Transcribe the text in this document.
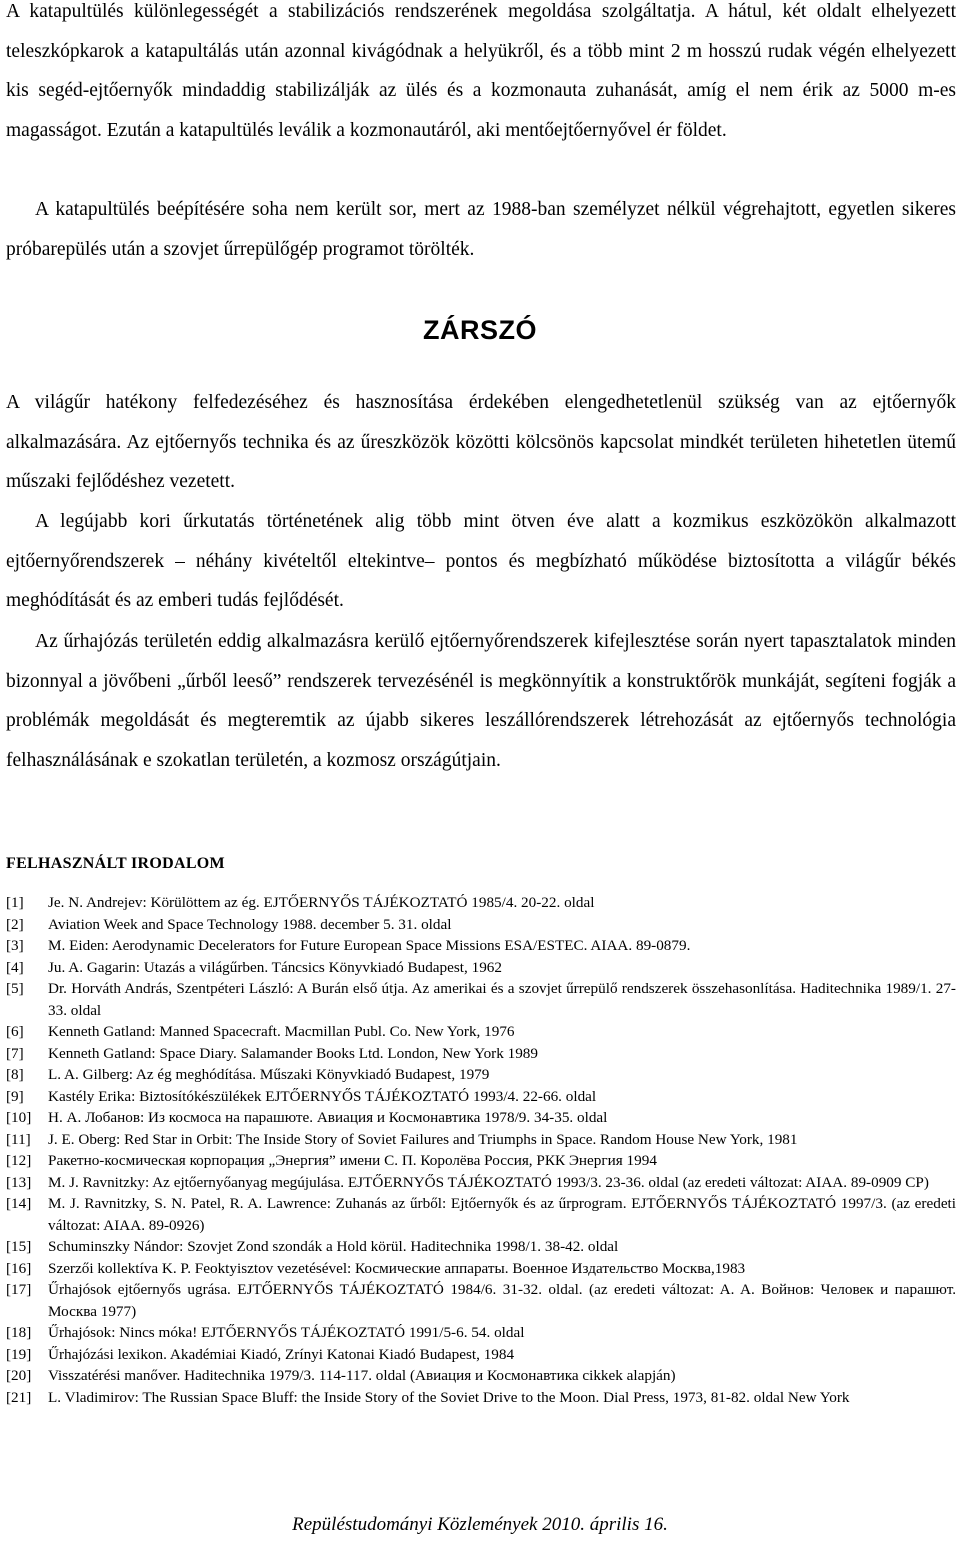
A katapultülés különlegességét a stabilizációs rendszerének megoldása szolgáltatja. A hátul, két oldalt elhelyezett teleszkópkarok a katapultálás után azonnal kivágódnak a helyükről, és a több mint 2 m hosszú rudak végén elhelyezett kis segéd-ejtőernyők mindaddig stabilizálják az ülés és a kozmonauta zuhanását, amíg el nem érik az 5000 m-es magasságot. Ezután a katapultülés leválik a kozmonautáról, aki mentőejtőernyővel ér földet.

A katapultülés beépítésére soha nem került sor, mert az 1988-ban személyzet nélkül végrehajtott, egyetlen sikeres próbarepülés után a szovjet űrrepülőgép programot törölték.

ZÁRSZÓ

A világűr hatékony felfedezéséhez és hasznosítása érdekében elengedhetetlenül szükség van az ejtőernyők alkalmazására. Az ejtőernyős technika és az űreszközök közötti kölcsönös kapcsolat mindkét területen hihetetlen ütemű műszaki fejlődéshez vezetett.

A legújabb kori űrkutatás történetének alig több mint ötven éve alatt a kozmikus eszközökön alkalmazott ejtőernyőrendszerek – néhány kivételtől eltekintve– pontos és megbízható működése biztosította a világűr békés meghódítását és az emberi tudás fejlődését.

Az űrhajózás területén eddig alkalmazásra kerülő ejtőernyőrendszerek kifejlesztése során nyert tapasztalatok minden bizonnyal a jövőbeni „űrből leeső” rendszerek tervezésénél is megkönnyítik a konstruktőrök munkáját, segíteni fogják a problémák megoldását és megteremtik az újabb sikeres leszállórendszerek létrehozását az ejtőernyős technológia felhasználásának e szokatlan területén, a kozmosz országútjain.

FELHASZNÁLT IRODALOM
[1]	Je. N. Andrejev: Körülöttem az ég. EJTŐERNYŐS TÁJÉKOZTATÓ 1985/4. 20-22. oldal
[2]	Aviation Week and Space Technology 1988. december 5. 31. oldal
[3]	M. Eiden: Aerodynamic Decelerators for Future European Space Missions ESA/ESTEC. AIAA. 89-0879.
[4]	Ju. A. Gagarin: Utazás a világűrben. Táncsics Könyvkiadó Budapest, 1962
[5]	Dr. Horváth András, Szentpéteri László: A Burán első útja. Az amerikai és a szovjet űrrepülő rendszerek összehasonlítása. Haditechnika 1989/1. 27-33. oldal
[6]	Kenneth Gatland: Manned Spacecraft. Macmillan Publ. Co. New York, 1976
[7]	Kenneth Gatland: Space Diary. Salamander Books Ltd. London, New York 1989
[8]	L. A. Gilberg: Az ég meghódítása. Műszaki Könyvkiadó Budapest, 1979
[9]	Kastély Erika: Biztosítókészülékek EJTŐERNYŐS TÁJÉKOZTATÓ 1993/4. 22-66. oldal
[10]	Н. А. Лобанов: Из космоса на парашюте. Авиация и Космонавтика 1978/9. 34-35. oldal
[11]	J. E. Oberg: Red Star in Orbit: The Inside Story of Soviet Failures and Triumphs in Space. Random House New York, 1981
[12]	Ракетно-космическая корпорация „Энергия” имени С. П. Королёва Россия, РКК Энергия 1994
[13]	M. J. Ravnitzky: Az ejtőernyőanyag megújulása. EJTŐERNYŐS TÁJÉKOZTATÓ 1993/3. 23-36. oldal (az eredeti változat: AIAA. 89-0909 CP)
[14]	M. J. Ravnitzky, S. N. Patel, R. A. Lawrence: Zuhanás az űrből: Ejtőernyők és az űrprogram. EJTŐERNYŐS TÁJÉKOZTATÓ 1997/3. (az eredeti változat: AIAA. 89-0926)
[15]	Schuminszky Nándor: Szovjet Zond szondák a Hold körül. Haditechnika 1998/1. 38-42. oldal
[16]	Szerzői kollektíva K. P. Feoktyisztov vezetésével: Космические аппараты. Военное Издательство Москва,1983
[17]	Űrhajósok ejtőernyős ugrása. EJTŐERNYŐS TÁJÉKOZTATÓ 1984/6. 31-32. oldal. (az eredeti változat: A. A. Войнов: Человек и парашют. Москва 1977)
[18]	Űrhajósok: Nincs móka! EJTŐERNYŐS TÁJÉKOZTATÓ 1991/5-6. 54. oldal
[19]	Űrhajózási lexikon. Akadémiai Kiadó, Zrínyi Katonai Kiadó Budapest, 1984
[20]	Visszatérési manőver. Haditechnika 1979/3. 114-117. oldal (Авиация и Космонавтика cikkek alapján)
[21]	L. Vladimirov: The Russian Space Bluff: the Inside Story of the Soviet Drive to the Moon. Dial Press, 1973, 81-82. oldal New York

Repüléstudományi Közlemények 2010. április 16.
